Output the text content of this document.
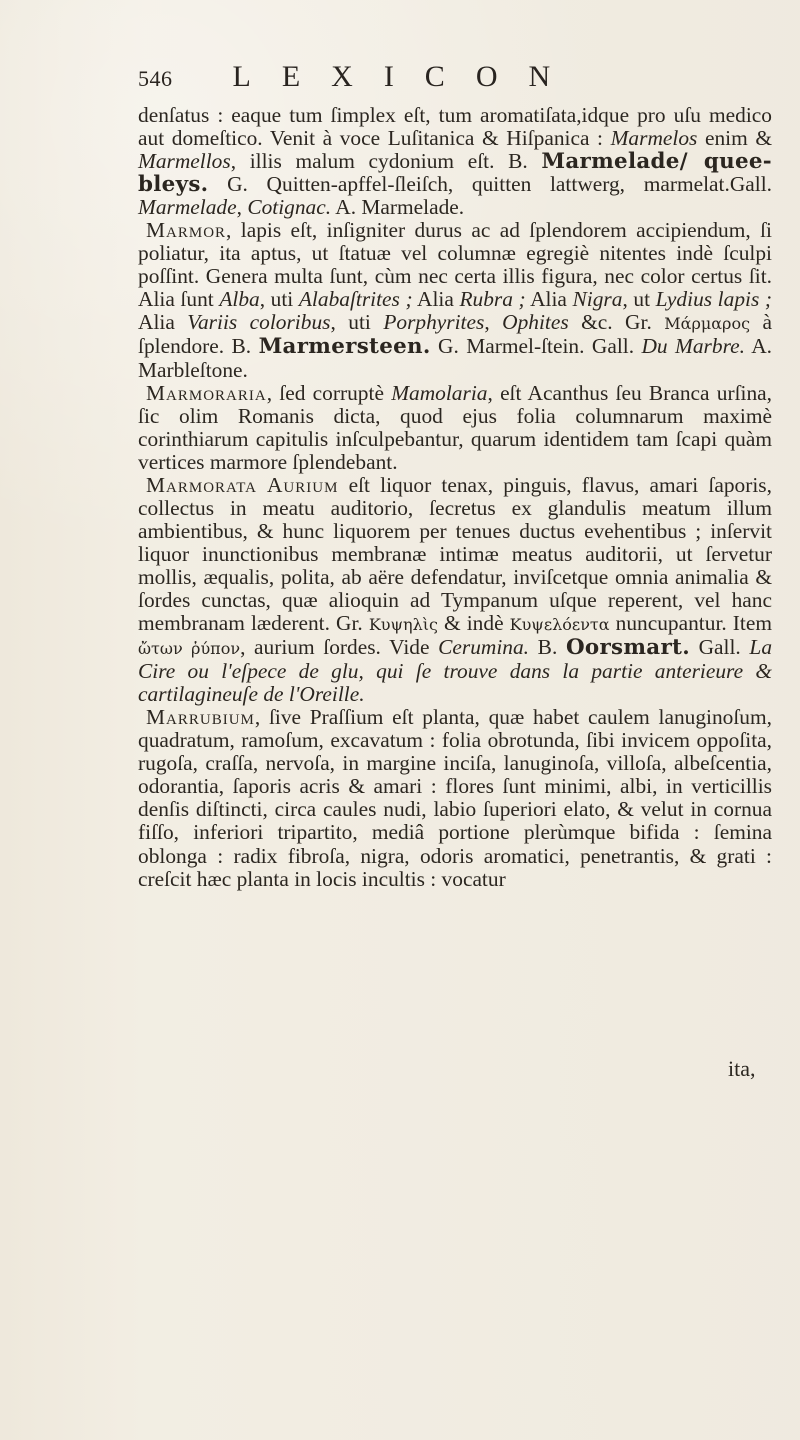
546 LEXICON

denſatus : eaque tum ſimplex eſt, tum aromatiſata,idque pro uſu medico aut domeſtico. Venit à voce Luſitanica & Hiſpanica : Marmelos enim & Marmellos, illis malum cydonium eſt. B. Marmelade/ quee-bleys. G. Quitten-apffel-ſleiſch, quitten lattwerg, marmelat.Gall. Marmelade, Cotignac. A. Marmelade.

Marmor, lapis eſt, inſigniter durus ac ad ſplendorem accipiendum, ſi poliatur, ita aptus, ut ſtatuæ vel columnæ egregiè nitentes indè ſculpi poſſint. Genera multa ſunt, cùm nec certa illis figura, nec color certus ſit. Alia ſunt Alba, uti Alabaſtrites ; Alia Rubra ; Alia Nigra, ut Lydius lapis ; Alia Variis coloribus, uti Porphyrites, Ophites &c. Gr. Μάρμαρος à ſplendore. B. Marmersteen. G. Marmel-ſtein. Gall. Du Marbre. A. Marbleſtone.

Marmoraria, ſed corruptè Mamolaria, eſt Acanthus ſeu Branca urſina, ſic olim Romanis dicta, quod ejus folia columnarum maximè corinthiarum capitulis inſculpebantur, quarum identidem tam ſcapi quàm vertices marmore ſplendebant.

Marmorata Aurium eſt liquor tenax, pinguis, flavus, amari ſaporis, collectus in meatu auditorio, ſecretus ex glandulis meatum illum ambientibus, & hunc liquorem per tenues ductus evehentibus ; inſervit liquor inunctionibus membranæ intimæ meatus auditorii, ut ſervetur mollis, æqualis, polita, ab aëre defendatur, inviſcetque omnia animalia & ſordes cunctas, quæ alioquin ad Tympanum uſque reperent, vel hanc membranam læderent. Gr. Κυψηλὶς & indè Κυψελόεντα nuncupantur. Item ὤτων ῥύπον, aurium ſordes. Vide Cerumina. B. Oorsmart. Gall. La Cire ou l'eſpece de glu, qui ſe trouve dans la partie anterieure & cartilagineuſe de l'Oreille.

Marrubium, ſive Praſſium eſt planta, quæ habet caulem lanuginoſum, quadratum, ramoſum, excavatum : folia obrotunda, ſibi invicem oppoſita, rugoſa, craſſa, nervoſa, in margine inciſa, lanuginoſa, villoſa, albeſcentia, odorantia, ſaporis acris & amari : flores ſunt minimi, albi, in verticillis denſis diſtincti, circa caules nudi, labio ſuperiori elato, & velut in cornua fiſſo, inferiori tripartito, mediâ portione plerùmque bifida : ſemina oblonga : radix fibroſa, nigra, odoris aromatici, penetrantis, & grati : creſcit hæc planta in locis incultis : vocatur

ita,
